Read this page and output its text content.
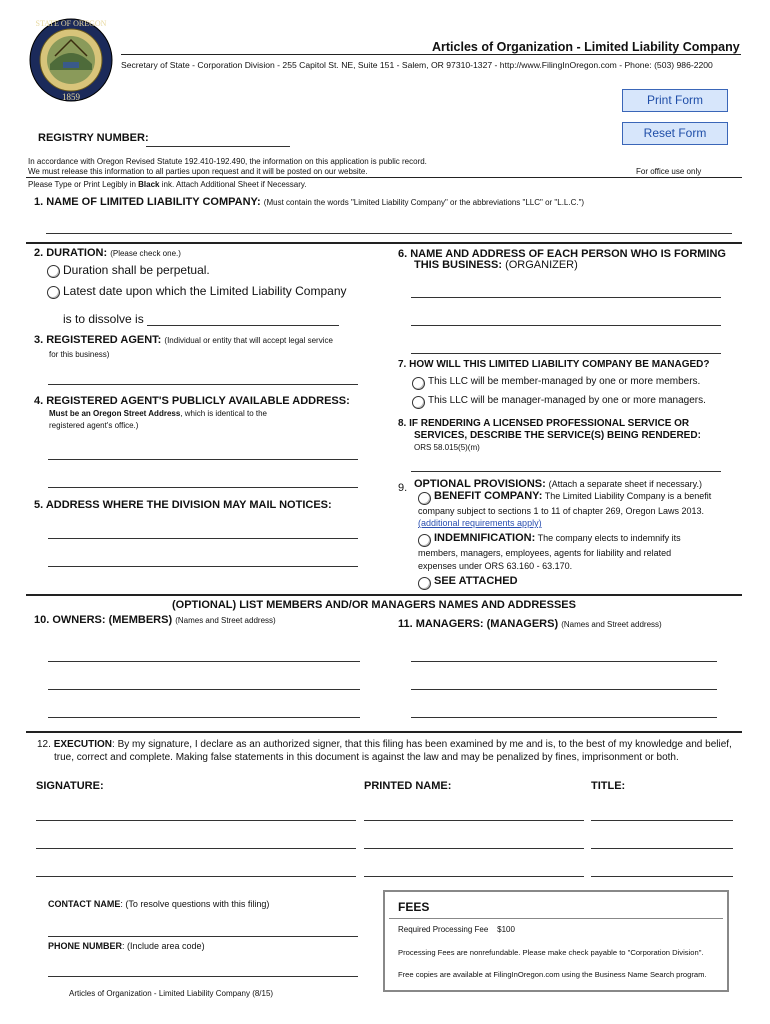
STATE OF OREGON
1859
Articles of Organization - Limited Liability Company
Secretary of State - Corporation Division - 255 Capitol St. NE, Suite 151 - Salem, OR 97310-1327 - http://www.FilingInOregon.com - Phone: (503) 986-2200
Print Form
Reset Form
REGISTRY NUMBER:
In accordance with Oregon Revised Statute 192.410-192.490, the information on this application is public record.
We must release this information to all parties upon request and it will be posted on our website.	For office use only
Please Type or Print Legibly in Black ink. Attach Additional Sheet if Necessary.
1. NAME OF LIMITED LIABILITY COMPANY: (Must contain the words "Limited Liability Company" or the abbreviations "LLC" or "L.L.C.")
2. DURATION: (Please check one.)
Duration shall be perpetual.
Latest date upon which the Limited Liability Company
is to dissolve is
3. REGISTERED AGENT: (Individual or entity that will accept legal service
for this business)
4. REGISTERED AGENT'S PUBLICLY AVAILABLE ADDRESS:
Must be an Oregon Street Address, which is identical to the
registered agent's office.)
5. ADDRESS WHERE THE DIVISION MAY MAIL NOTICES:
6. NAME AND ADDRESS OF EACH PERSON WHO IS FORMING
THIS BUSINESS: (ORGANIZER)
7. HOW WILL THIS LIMITED LIABILITY COMPANY BE MANAGED?
This LLC will be member-managed by one or more members.
This LLC will be manager-managed by one or more managers.
8. IF RENDERING A LICENSED PROFESSIONAL SERVICE OR
SERVICES, DESCRIBE THE SERVICE(S) BEING RENDERED:
ORS 58.015(5)(m)
9. OPTIONAL PROVISIONS: (Attach a separate sheet if necessary.)
BENEFIT COMPANY: The Limited Liability Company is a benefit
company subject to sections 1 to 11 of chapter 269, Oregon Laws 2013.
(additional requirements apply)
INDEMNIFICATION: The company elects to indemnify its
members, managers, employees, agents for liability and related
expenses under ORS 63.160 - 63.170.
SEE ATTACHED
(OPTIONAL) LIST MEMBERS AND/OR MANAGERS NAMES AND ADDRESSES
10. OWNERS: (MEMBERS) (Names and Street address)	11. MANAGERS: (MANAGERS) (Names and Street address)
12. EXECUTION: By my signature, I declare as an authorized signer, that this filing has been examined by me and is, to the best of my knowledge and belief,
true, correct and complete. Making false statements in this document is against the law and may be penalized by fines, imprisonment or both.
SIGNATURE:	PRINTED NAME:	TITLE:
CONTACT NAME: (To resolve questions with this filing)
PHONE NUMBER: (Include area code)
FEES
Required Processing Fee    $100
Processing Fees are nonrefundable. Please make check payable to "Corporation Division".
Free copies are available at FilingInOregon.com using the Business Name Search program.
Articles of Organization - Limited Liability Company (8/15)
